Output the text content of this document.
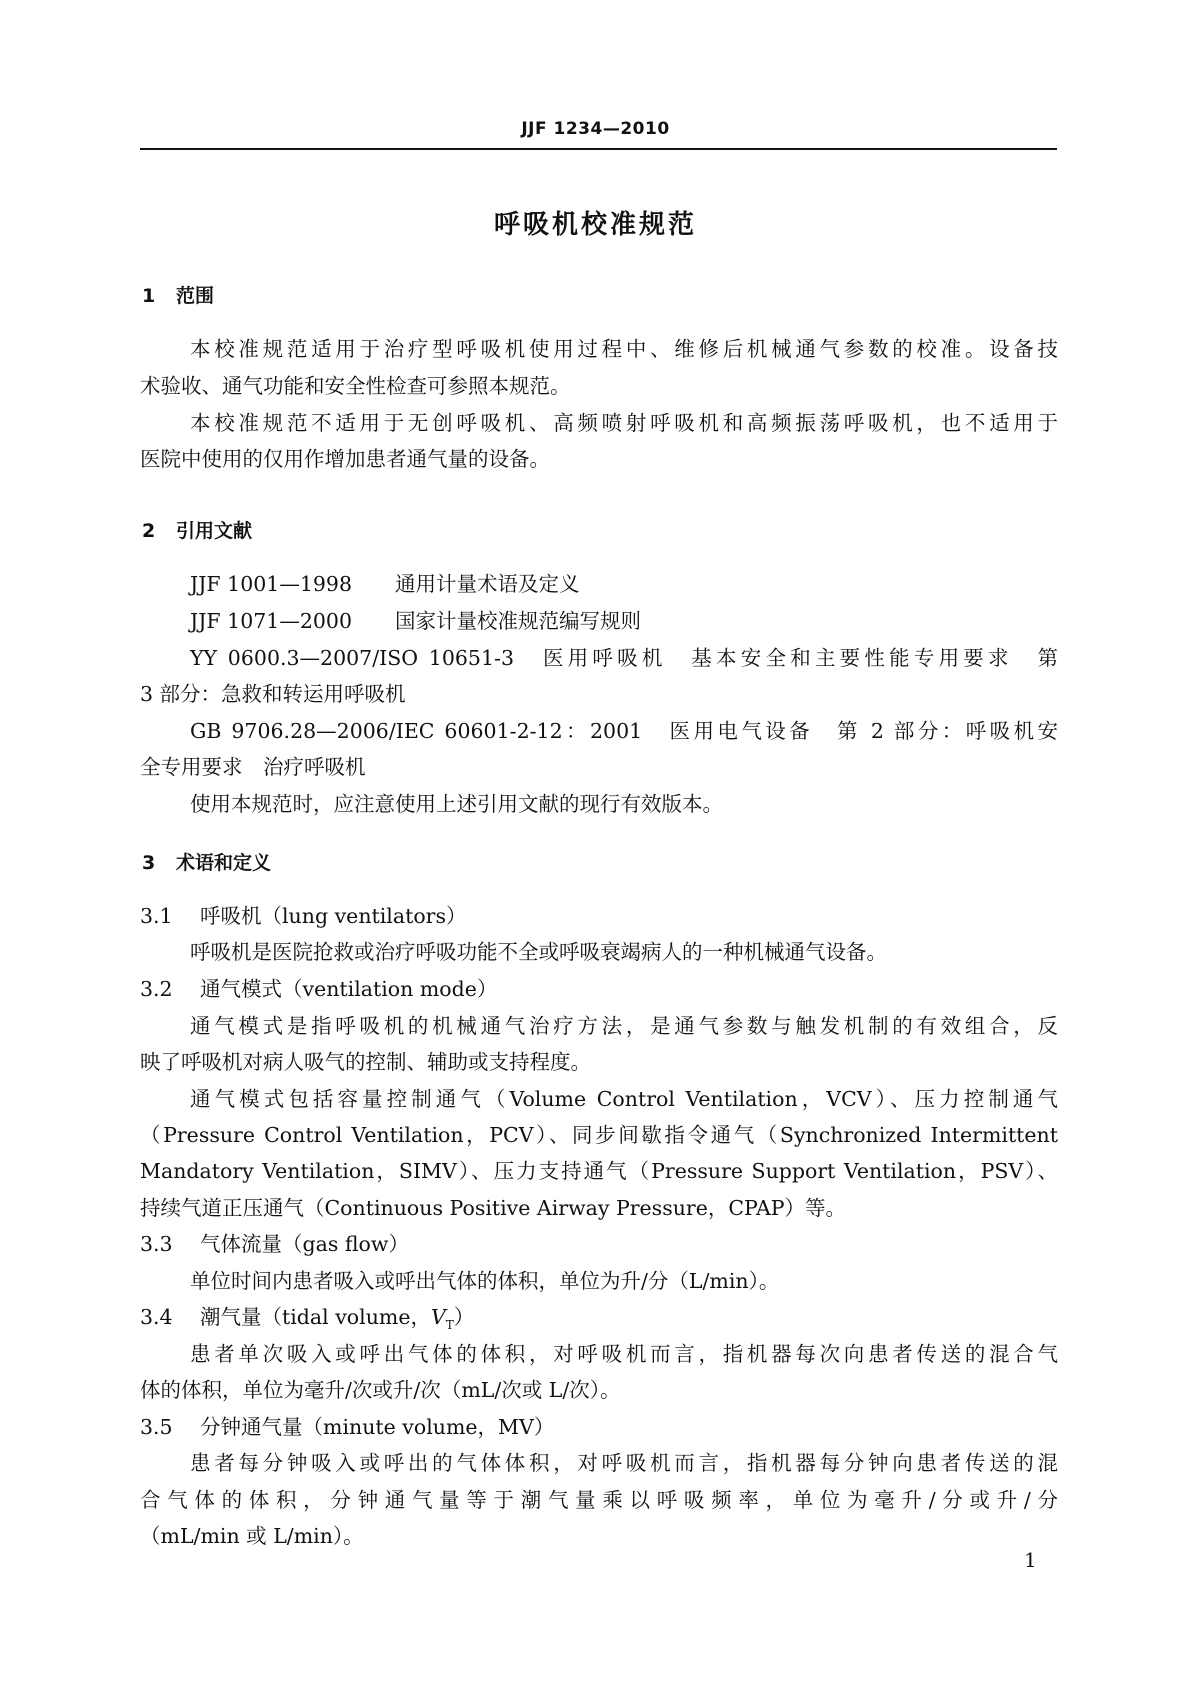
JJF 1234—2010
呼吸机校准规范
1 范围
本校准规范适用于治疗型呼吸机使用过程中、维修后机械通气参数的校准。设备技
术验收、通气功能和安全性检查可参照本规范。
本校准规范不适用于无创呼吸机、高频喷射呼吸机和高频振荡呼吸机，也不适用于
医院中使用的仅用作增加患者通气量的设备。
2 引用文献
JJF 1001—1998 通用计量术语及定义
JJF 1071—2000 国家计量校准规范编写规则
YY 0600.3—2007/ISO 10651-3　医用呼吸机　基本安全和主要性能专用要求　第
3 部分：急救和转运用呼吸机
GB 9706.28—2006/IEC 60601-2-12：2001　医用电气设备　第 2 部分：呼吸机安
全专用要求　治疗呼吸机
使用本规范时，应注意使用上述引用文献的现行有效版本。
3 术语和定义
3.1 呼吸机（lung ventilators）
呼吸机是医院抢救或治疗呼吸功能不全或呼吸衰竭病人的一种机械通气设备。
3.2 通气模式（ventilation mode）
通气模式是指呼吸机的机械通气治疗方法，是通气参数与触发机制的有效组合，反
映了呼吸机对病人吸气的控制、辅助或支持程度。
通气模式包括容量控制通气（Volume Control Ventilation，VCV）、压力控制通气
（Pressure Control Ventilation，PCV）、同步间歇指令通气（Synchronized Intermittent
Mandatory Ventilation，SIMV）、压力支持通气（Pressure Support Ventilation，PSV）、
持续气道正压通气（Continuous Positive Airway Pressure，CPAP）等。
3.3 气体流量（gas flow）
单位时间内患者吸入或呼出气体的体积，单位为升/分（L/min）。
3.4 潮气量（tidal volume，$V_T$）
患者单次吸入或呼出气体的体积，对呼吸机而言，指机器每次向患者传送的混合气
体的体积，单位为毫升/次或升/次（mL/次或 L/次）。
3.5 分钟通气量（minute volume，MV）
患者每分钟吸入或呼出的气体体积，对呼吸机而言，指机器每分钟向患者传送的混
合气体的体积，分钟通气量等于潮气量乘以呼吸频率，单位为毫升/分或升/分
（mL/min 或 L/min）。
1
